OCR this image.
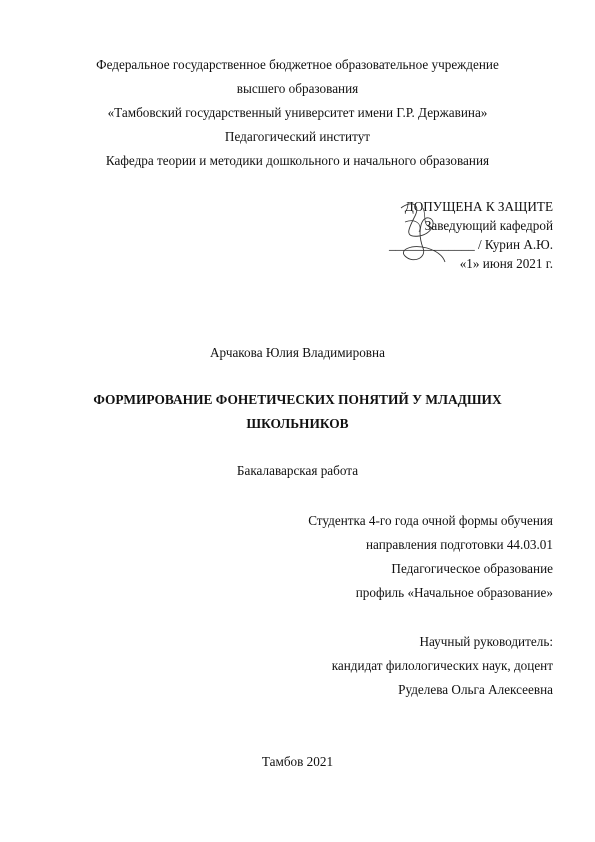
Федеральное государственное бюджетное образовательное учреждение
высшего образования
«Тамбовский государственный университет имени Г.Р. Державина»
Педагогический институт
Кафедра теории и методики дошкольного и начального образования
ДОПУЩЕНА К ЗАЩИТЕ
Заведующий кафедрой
_____________ / Курин А.Ю.
«1» июня 2021 г.
Арчакова Юлия Владимировна
ФОРМИРОВАНИЕ ФОНЕТИЧЕСКИХ ПОНЯТИЙ У МЛАДШИХ
ШКОЛЬНИКОВ
Бакалаварская работа
Студентка 4-го года очной формы обучения
направления подготовки 44.03.01
Педагогическое образование
профиль «Начальное образование»
Научный руководитель:
кандидат филологических наук, доцент
Руделева Ольга Алексеевна
Тамбов 2021
